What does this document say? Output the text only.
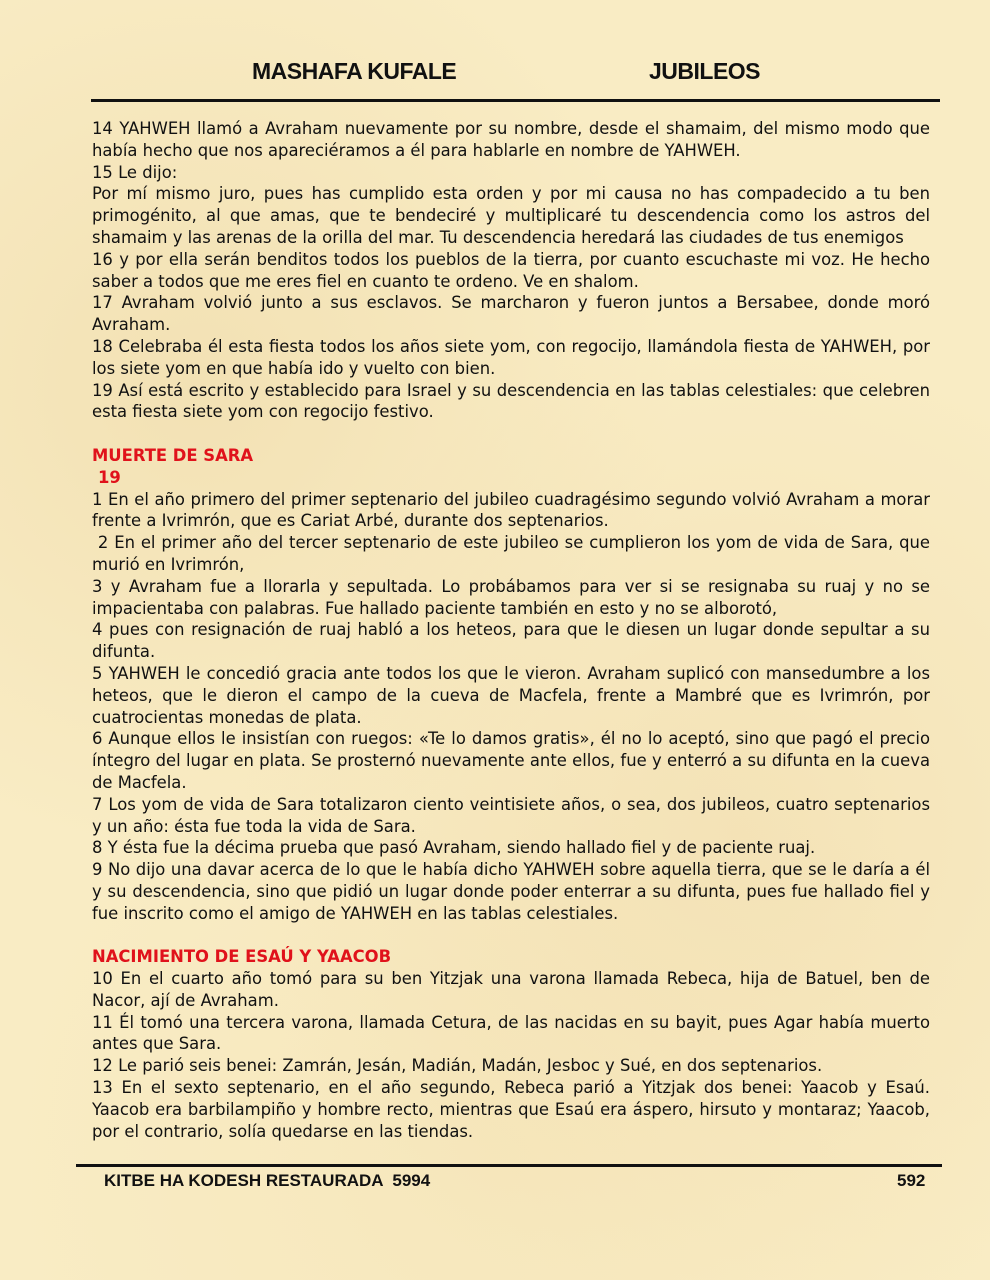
MASHAFA KUFALE	JUBILEOS

14 YAHWEH llamó a Avraham nuevamente por su nombre, desde el shamaim, del mismo modo que había hecho que nos apareciéramos a él para hablarle en nombre de YAHWEH.

15 Le dijo:

Por mí mismo juro, pues has cumplido esta orden y por mi causa no has compadecido a tu ben primogénito, al que amas, que te bendeciré y multiplicaré tu descendencia como los astros del shamaim y las arenas de la orilla del mar. Tu descendencia heredará las ciudades de tus enemigos

16 y por ella serán benditos todos los pueblos de la tierra, por cuanto escuchaste mi voz. He hecho saber a todos que me eres fiel en cuanto te ordeno. Ve en shalom.

17 Avraham volvió junto a sus esclavos. Se marcharon y fueron juntos a Bersabee, donde moró Avraham.

18 Celebraba él esta fiesta todos los años siete yom, con regocijo, llamándola fiesta de YAHWEH, por los siete yom en que había ido y vuelto con bien.

19 Así está escrito y establecido para Israel y su descendencia en las tablas celestiales: que celebren esta fiesta siete yom con regocijo festivo.

MUERTE DE SARA

19

1 En el año primero del primer septenario del jubileo cuadragésimo segundo volvió Avraham a morar frente a Ivrimrón, que es Cariat Arbé, durante dos septenarios.

2 En el primer año del tercer septenario de este jubileo se cumplieron los yom de vida de Sara, que murió en Ivrimrón,

3 y Avraham fue a llorarla y sepultada. Lo probábamos para ver si se resignaba su ruaj y no se impacientaba con palabras. Fue hallado paciente también en esto y no se alborotó,

4 pues con resignación de ruaj habló a los heteos, para que le diesen un lugar donde sepultar a su difunta.

5 YAHWEH le concedió gracia ante todos los que le vieron. Avraham suplicó con mansedumbre a los heteos, que le dieron el campo de la cueva de Macfela, frente a Mambré que es Ivrimrón, por cuatrocientas monedas de plata.

6 Aunque ellos le insistían con ruegos: «Te lo damos gratis», él no lo aceptó, sino que pagó el precio íntegro del lugar en plata. Se prosternó nuevamente ante ellos, fue y enterró a su difunta en la cueva de Macfela.

7 Los yom de vida de Sara totalizaron ciento veintisiete años, o sea, dos jubileos, cuatro septenarios y un año: ésta fue toda la vida de Sara.

8 Y ésta fue la décima prueba que pasó Avraham, siendo hallado fiel y de paciente ruaj.

9 No dijo una davar acerca de lo que le había dicho YAHWEH sobre aquella tierra, que se le daría a él y su descendencia, sino que pidió un lugar donde poder enterrar a su difunta, pues fue hallado fiel y fue inscrito como el amigo de YAHWEH en las tablas celestiales.

NACIMIENTO DE ESAÚ Y YAACOB

10 En el cuarto año tomó para su ben Yitzjak una varona llamada Rebeca, hija de Batuel, ben de Nacor, ají de Avraham.

11 Él tomó una tercera varona, llamada Cetura, de las nacidas en su bayit, pues Agar había muerto antes que Sara.

12 Le parió seis benei: Zamrán, Jesán, Madián, Madán, Jesboc y Sué, en dos septenarios.

13 En el sexto septenario, en el año segundo, Rebeca parió a Yitzjak dos benei: Yaacob y Esaú. Yaacob era barbilampiño y hombre recto, mientras que Esaú era áspero, hirsuto y montaraz; Yaacob, por el contrario, solía quedarse en las tiendas.

KITBE HA KODESH RESTAURADA  5994	592
